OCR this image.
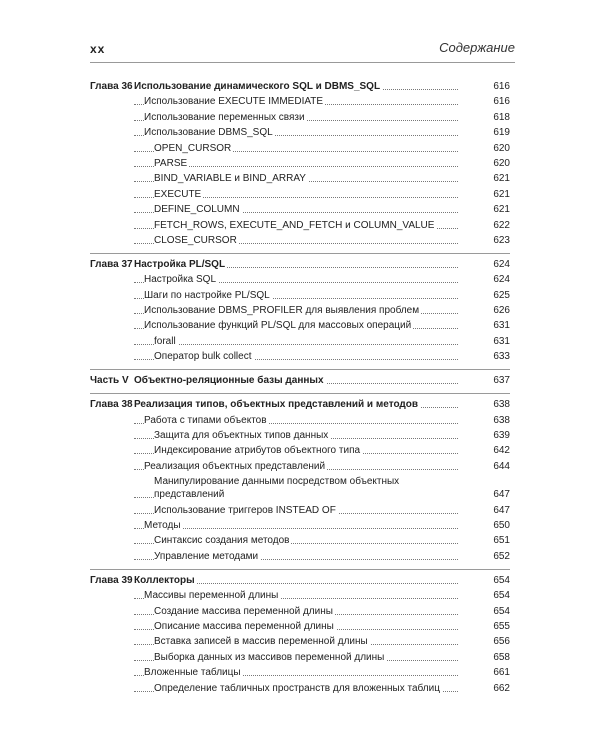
xx	Содержание
Глава 36 Использование динамического SQL и DBMS_SQL	616
Использование EXECUTE IMMEDIATE	616
Использование переменных связи	618
Использование DBMS_SQL	619
OPEN_CURSOR	620
PARSE	620
BIND_VARIABLE и BIND_ARRAY	621
EXECUTE	621
DEFINE_COLUMN	621
FETCH_ROWS, EXECUTE_AND_FETCH и COLUMN_VALUE	622
CLOSE_CURSOR	623
Глава 37 Настройка PL/SQL	624
Настройка SQL	624
Шаги по настройке PL/SQL	625
Использование DBMS_PROFILER для выявления проблем	626
Использование функций PL/SQL для массовых операций	631
forall	631
Оператор bulk collect	633
Часть V Объектно-реляционные базы данных	637
Глава 38 Реализация типов, объектных представлений и методов	638
Работа с типами объектов	638
Защита для объектных типов данных	639
Индексирование атрибутов объектного типа	642
Реализация объектных представлений	644
Манипулирование данными посредством объектных
представлений	647
Использование триггеров INSTEAD OF	647
Методы	650
Синтаксис создания методов	651
Управление методами	652
Глава 39 Коллекторы	654
Массивы переменной длины	654
Создание массива переменной длины	654
Описание массива переменной длины	655
Вставка записей в массив переменной длины	656
Выборка данных из массивов переменной длины	658
Вложенные таблицы	661
Определение табличных пространств для вложенных таблиц	662
